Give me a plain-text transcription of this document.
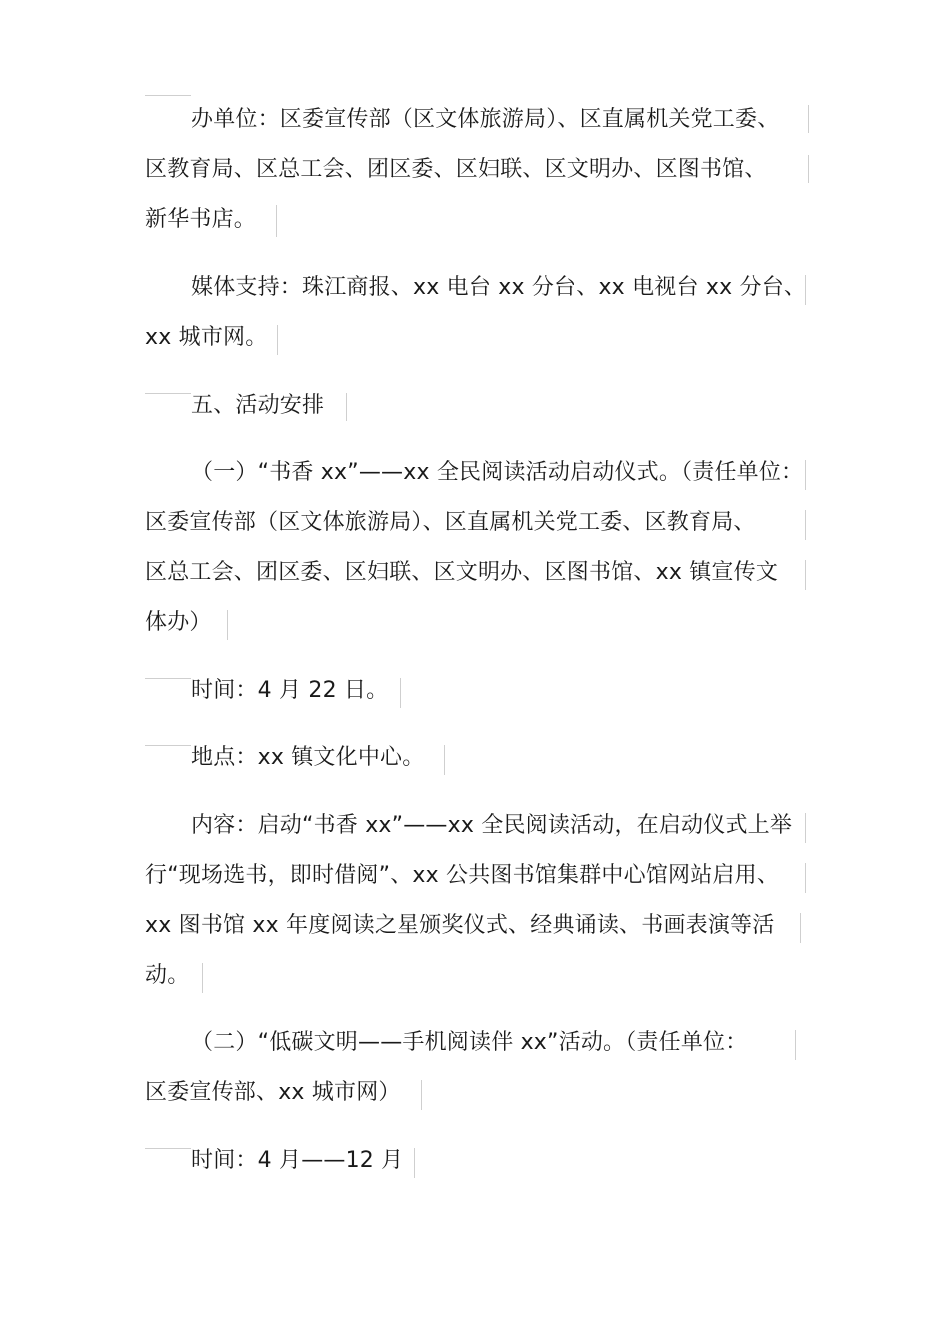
办单位：区委宣传部（区文体旅游局）、区直属机关党工委、
区教育局、区总工会、团区委、区妇联、区文明办、区图书馆、
新华书店。
媒体支持：珠江商报、xx 电台 xx 分台、xx 电视台 xx 分台、
xx 城市网。
五、活动安排
（一）“书香 xx”——xx 全民阅读活动启动仪式。（责任单位：
区委宣传部（区文体旅游局）、区直属机关党工委、区教育局、
区总工会、团区委、区妇联、区文明办、区图书馆、xx 镇宣传文
体办）
时间：4 月 22 日。
地点：xx 镇文化中心。
内容：启动“书香 xx”——xx 全民阅读活动，在启动仪式上举
行“现场选书，即时借阅”、xx 公共图书馆集群中心馆网站启用、
xx 图书馆 xx 年度阅读之星颁奖仪式、经典诵读、书画表演等活
动。
（二）“低碳文明——手机阅读伴 xx”活动。（责任单位：
区委宣传部、xx 城市网）
时间：4 月——12 月
